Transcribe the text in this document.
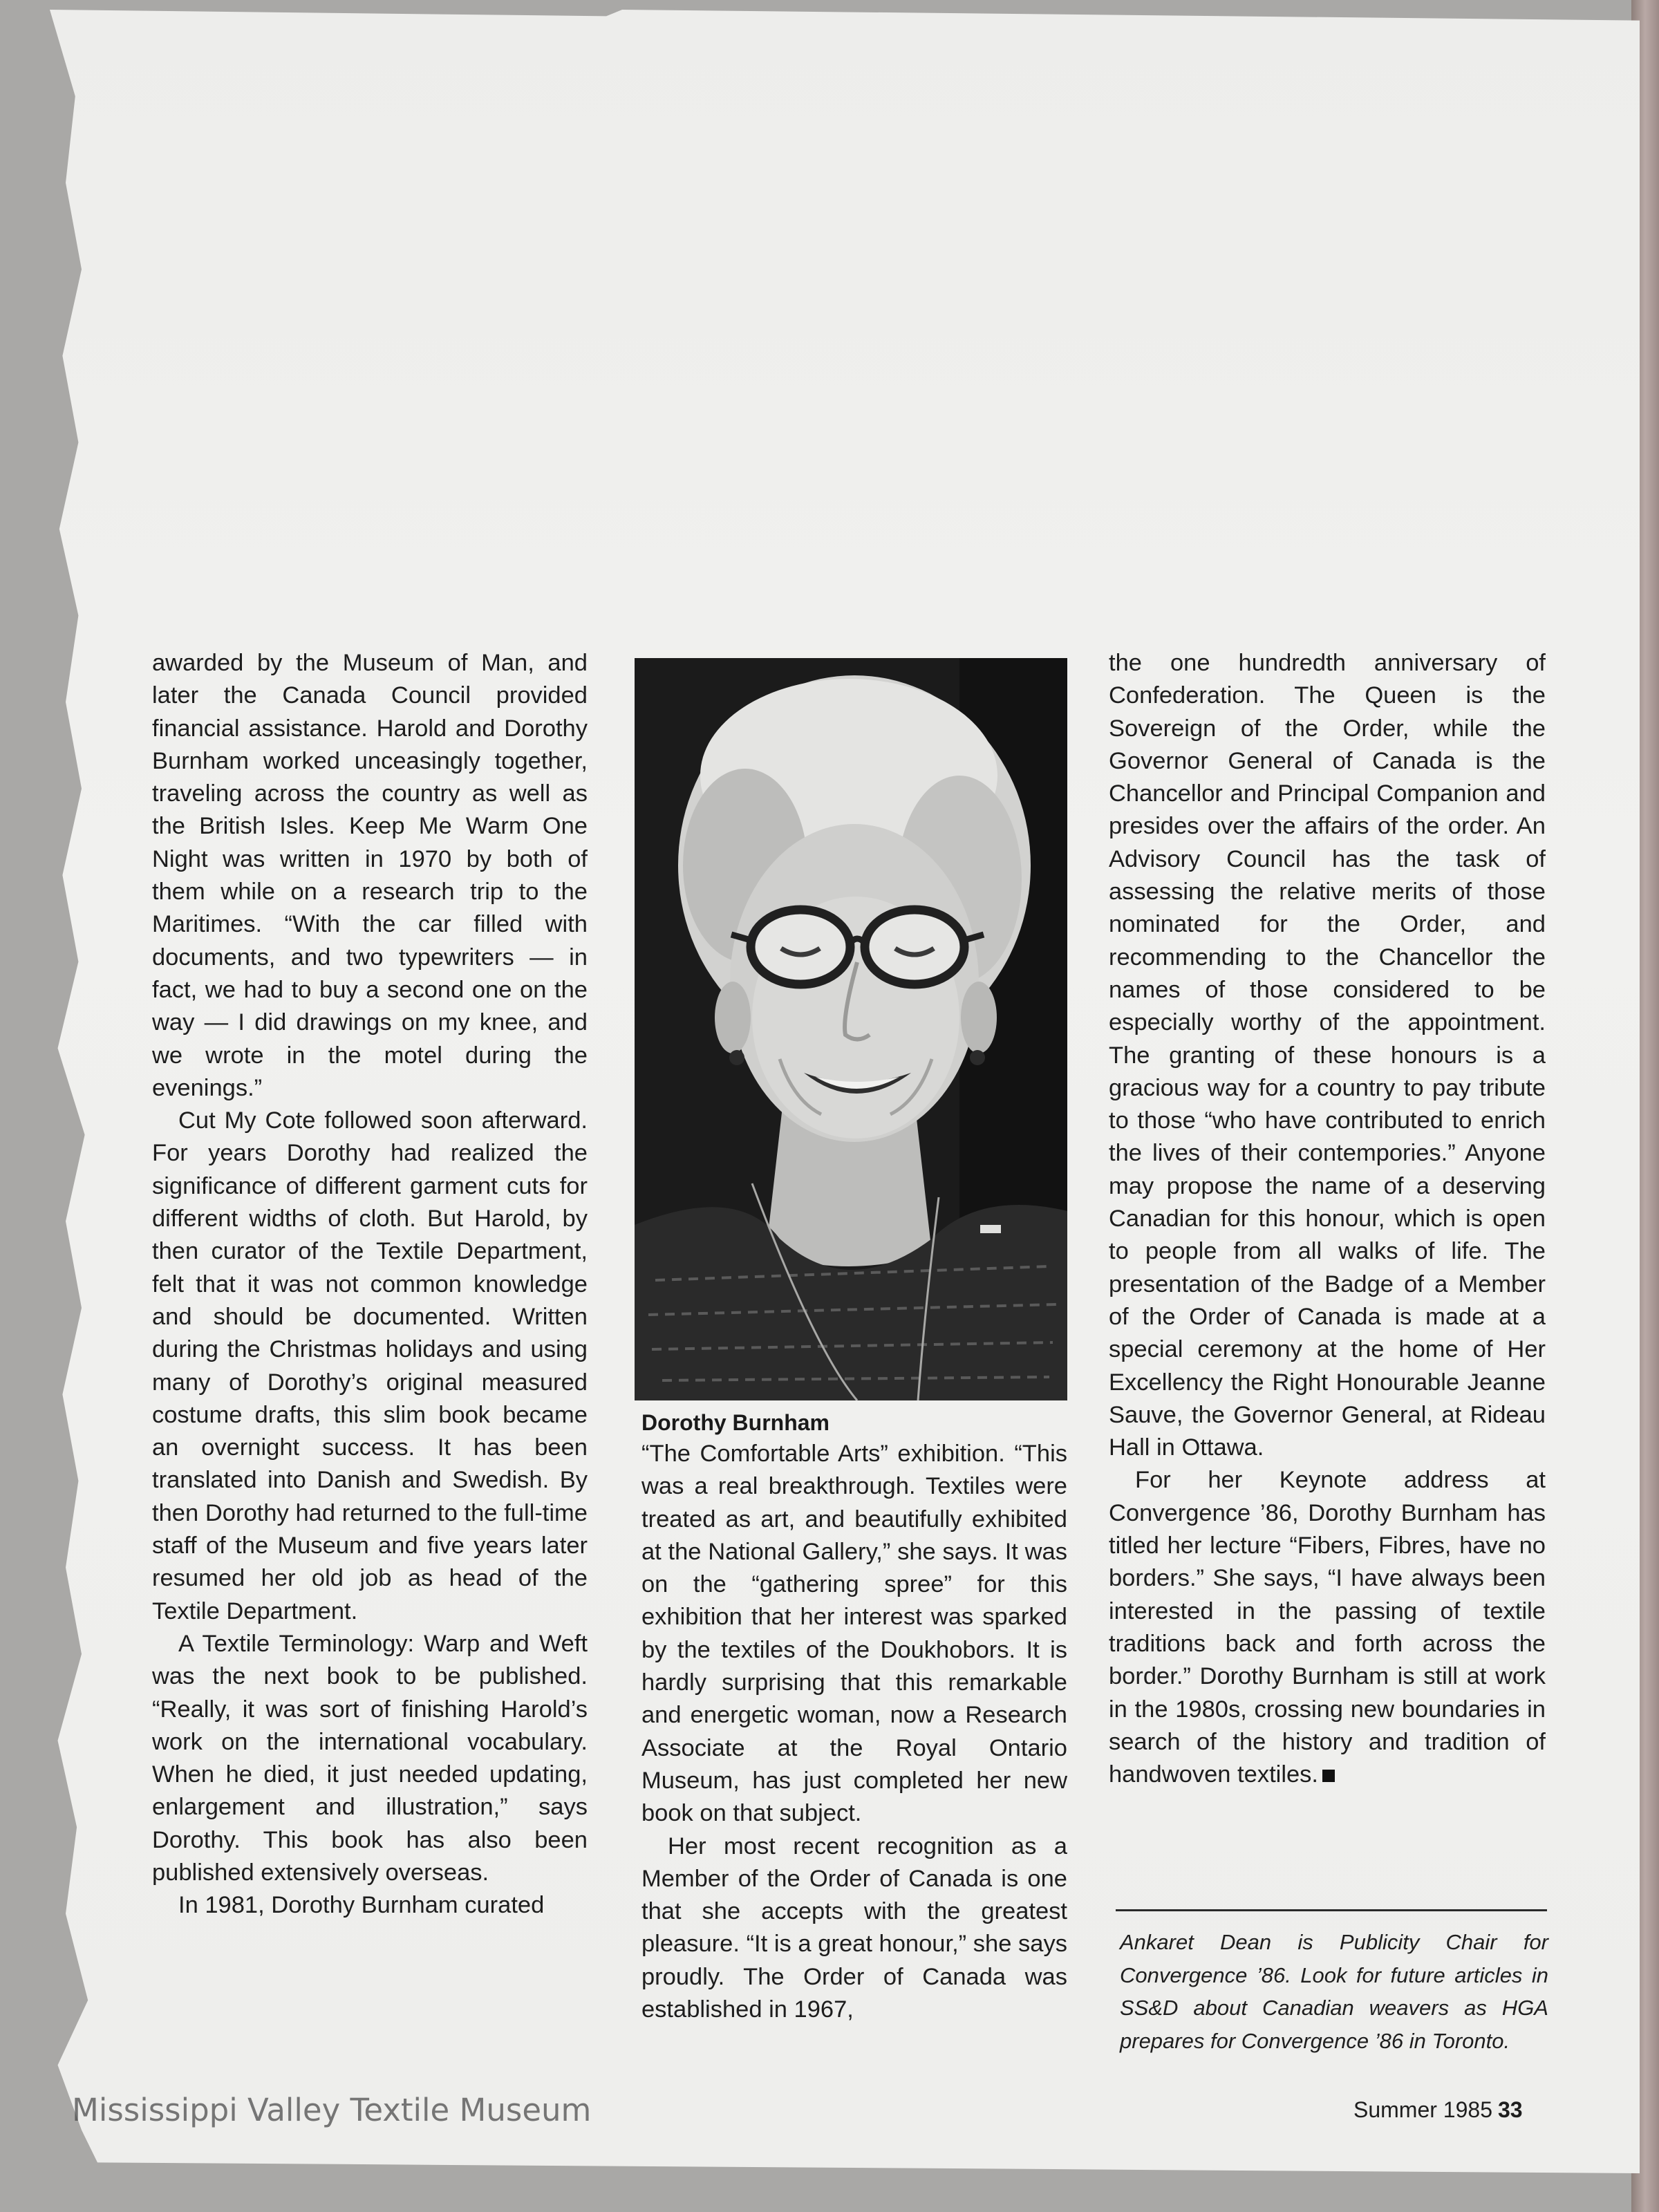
awarded by the Museum of Man, and later the Canada Council provided financial assistance. Harold and Dorothy Burnham worked unceasingly together, traveling across the country as well as the British Isles. Keep Me Warm One Night was written in 1970 by both of them while on a research trip to the Maritimes. “With the car filled with documents, and two typewriters — in fact, we had to buy a second one on the way — I did drawings on my knee, and we wrote in the motel during the evenings.”

Cut My Cote followed soon afterward. For years Dorothy had realized the significance of different garment cuts for different widths of cloth. But Harold, by then curator of the Textile Department, felt that it was not common knowledge and should be documented. Written during the Christmas holidays and using many of Dorothy’s original measured costume drafts, this slim book became an overnight success. It has been translated into Danish and Swedish. By then Dorothy had returned to the full-time staff of the Museum and five years later resumed her old job as head of the Textile Department.

A Textile Terminology: Warp and Weft was the next book to be published. “Really, it was sort of finishing Harold’s work on the international vocabulary. When he died, it just needed updating, enlargement and illustration,” says Dorothy. This book has also been published extensively overseas.

In 1981, Dorothy Burnham curated

Dorothy Burnham

“The Comfortable Arts” exhibition. “This was a real breakthrough. Textiles were treated as art, and beautifully exhibited at the National Gallery,” she says. It was on the “gathering spree” for this exhibition that her interest was sparked by the textiles of the Doukhobors. It is hardly surprising that this remarkable and energetic woman, now a Research Associate at the Royal Ontario Museum, has just completed her new book on that subject.

Her most recent recognition as a Member of the Order of Canada is one that she accepts with the greatest pleasure. “It is a great honour,” she says proudly. The Order of Canada was established in 1967,

the one hundredth anniversary of Confederation. The Queen is the Sovereign of the Order, while the Governor General of Canada is the Chancellor and Principal Companion and presides over the affairs of the order. An Advisory Council has the task of assessing the relative merits of those nominated for the Order, and recommending to the Chancellor the names of those considered to be especially worthy of the appointment. The granting of these honours is a gracious way for a country to pay tribute to those “who have contributed to enrich the lives of their contempories.” Anyone may propose the name of a deserving Canadian for this honour, which is open to people from all walks of life. The presentation of the Badge of a Member of the Order of Canada is made at a special ceremony at the home of Her Excellency the Right Honourable Jeanne Sauve, the Governor General, at Rideau Hall in Ottawa.

For her Keynote address at Convergence ’86, Dorothy Burnham has titled her lecture “Fibers, Fibres, have no borders.” She says, “I have always been interested in the passing of textile traditions back and forth across the border.” Dorothy Burnham is still at work in the 1980s, crossing new boundaries in search of the history and tradition of handwoven textiles.

Ankaret Dean is Publicity Chair for Convergence ’86. Look for future articles in SS&D about Canadian weavers as HGA prepares for Convergence ’86 in Toronto.
Summer 1985 33
Mississippi Valley Textile Museum
